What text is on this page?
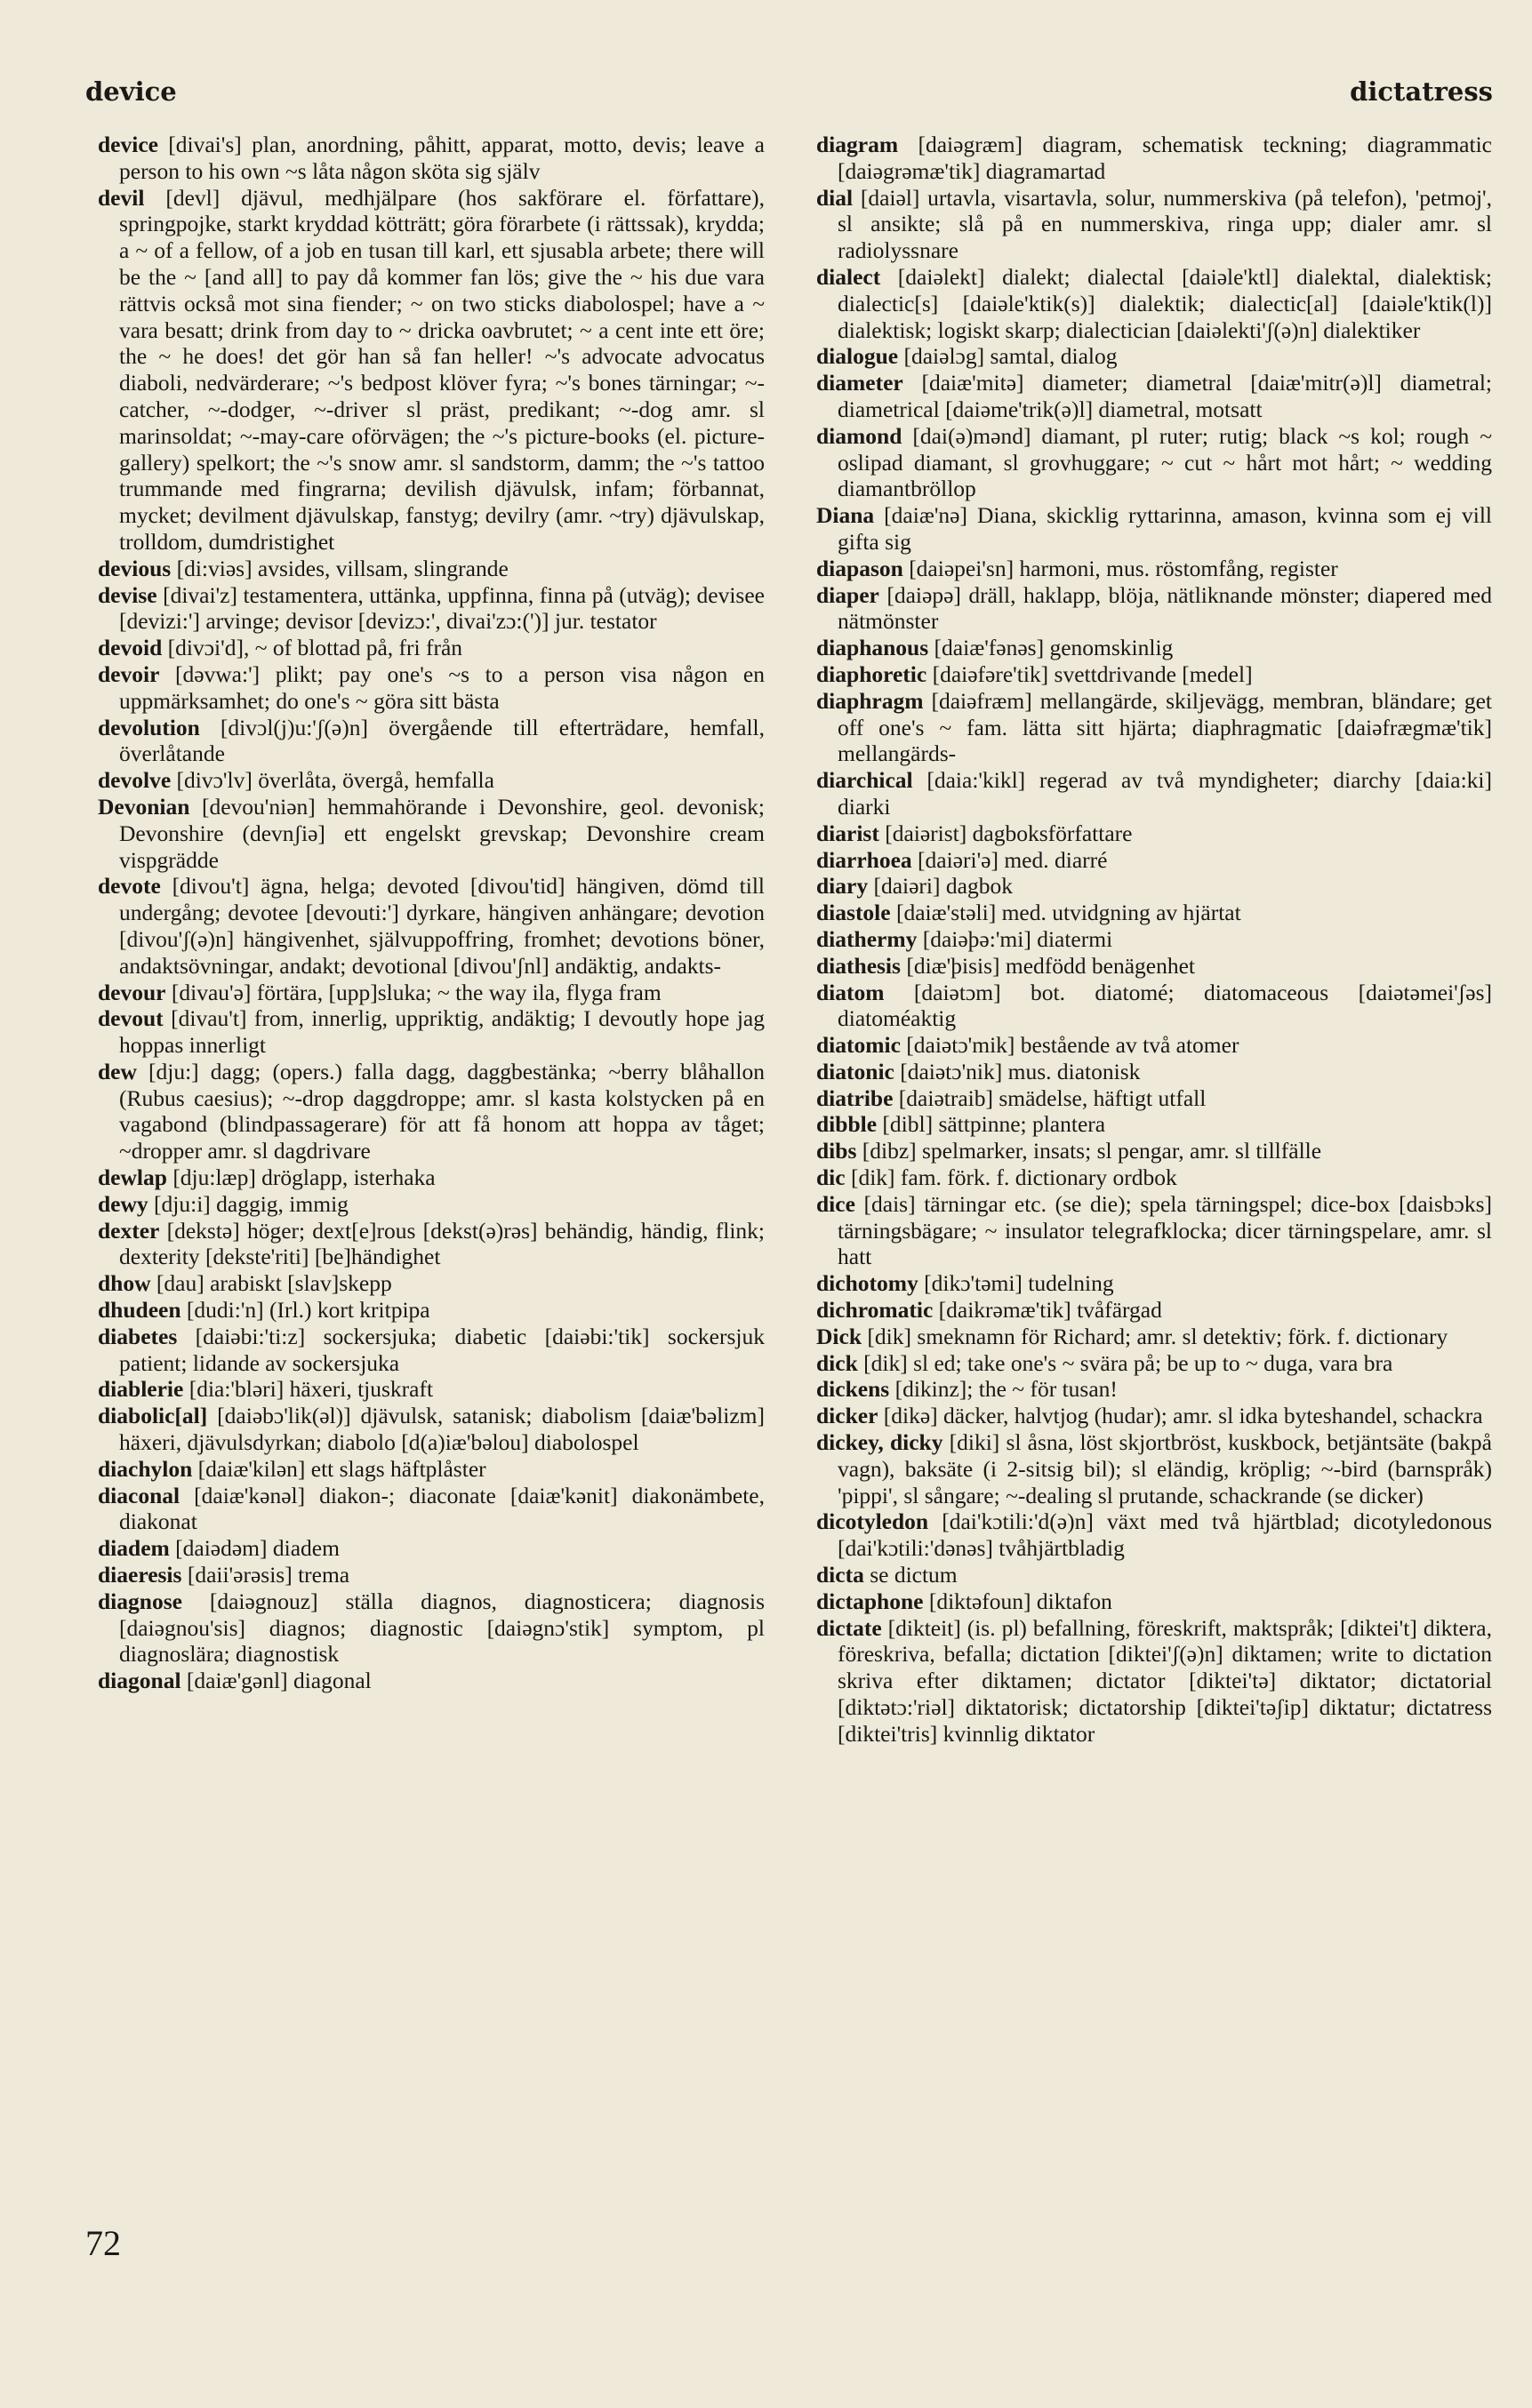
device	dictatress

device [divai's] plan, anordning, påhitt, apparat, motto, devis; leave a person to his own ~s låta någon sköta sig själv

devil [devl] djävul, medhjälpare (hos sakförare el. författare), springpojke, starkt kryddad kötträtt; göra förarbete (i rättssak), krydda; a ~ of a fellow, of a job en tusan till karl, ett sjusabla arbete; there will be the ~ [and all] to pay då kommer fan lös; give the ~ his due vara rättvis också mot sina fiender; ~ on two sticks diabolospel; have a ~ vara besatt; drink from day to ~ dricka oavbrutet; ~ a cent inte ett öre; the ~ he does! det gör han så fan heller! ~'s advocate advocatus diaboli, nedvärderare; ~'s bedpost klöver fyra; ~'s bones tärningar; ~-catcher, ~-dodger, ~-driver sl präst, predikant; ~-dog amr. sl marinsoldat; ~-may-care oförvägen; the ~'s picture-books (el. picture-gallery) spelkort; the ~'s snow amr. sl sandstorm, damm; the ~'s tattoo trummande med fingrarna; devilish djävulsk, infam; förbannat, mycket; devilment djävulskap, fanstyg; devilry (amr. ~try) djävulskap, trolldom, dumdristighet

devious [di:viəs] avsides, villsam, slingrande

devise [divai'z] testamentera, uttänka, uppfinna, finna på (utväg); devisee [devizi:'] arvinge; devisor [devizɔ:', divai'zɔ:(')] jur. testator

devoid [divɔi'd], ~ of blottad på, fri från

devoir [dəvwa:'] plikt; pay one's ~s to a person visa någon en uppmärksamhet; do one's ~ göra sitt bästa

devolution [divɔl(j)u:'ʃ(ə)n] övergående till efterträdare, hemfall, överlåtande

devolve [divɔ'lv] överlåta, övergå, hemfalla

Devonian [devou'niən] hemmahörande i Devonshire, geol. devonisk; Devonshire (devnʃiə] ett engelskt grevskap; Devonshire cream vispgrädde

devote [divou't] ägna, helga; devoted [divou'tid] hängiven, dömd till undergång; devotee [devouti:'] dyrkare, hängiven anhängare; devotion [divou'ʃ(ə)n] hängivenhet, självuppoffring, fromhet; devotions böner, andaktsövningar, andakt; devotional [divou'ʃnl] andäktig, andakts-

devour [divau'ə] förtära, [upp]sluka; ~ the way ila, flyga fram

devout [divau't] from, innerlig, uppriktig, andäktig; I devoutly hope jag hoppas innerligt

dew [dju:] dagg; (opers.) falla dagg, daggbestänka; ~berry blåhallon (Rubus caesius); ~-drop daggdroppe; amr. sl kasta kolstycken på en vagabond (blindpassagerare) för att få honom att hoppa av tåget; ~dropper amr. sl dagdrivare

dewlap [dju:læp] dröglapp, isterhaka

dewy [dju:i] daggig, immig

dexter [dekstə] höger; dext[e]rous [dekst(ə)rəs] behändig, händig, flink; dexterity [dekste'riti] [be]händighet

dhow [dau] arabiskt [slav]skepp

dhudeen [dudi:'n] (Irl.) kort kritpipa

diabetes [daiəbi:'ti:z] sockersjuka; diabetic [daiəbi:'tik] sockersjuk patient; lidande av sockersjuka

diablerie [dia:'bləri] häxeri, tjuskraft

diabolic[al] [daiəbɔ'lik(əl)] djävulsk, satanisk; diabolism [daiæ'bəlizm] häxeri, djävulsdyrkan; diabolo [d(a)iæ'bəlou] diabolospel

diachylon [daiæ'kilən] ett slags häftplåster

diaconal [daiæ'kənəl] diakon-; diaconate [daiæ'kənit] diakonämbete, diakonat

diadem [daiədəm] diadem

diaeresis [daii'ərəsis] trema

diagnose [daiəgnouz] ställa diagnos, diagnosticera; diagnosis [daiəgnou'sis] diagnos; diagnostic [daiəgnɔ'stik] symptom, pl diagnoslära; diagnostisk

diagonal [daiæ'gənl] diagonal

diagram [daiəgræm] diagram, schematisk teckning; diagrammatic [daiəgrəmæ'tik] diagramartad

dial [daiəl] urtavla, visartavla, solur, nummerskiva (på telefon), 'petmoj', sl ansikte; slå på en nummerskiva, ringa upp; dialer amr. sl radiolyssnare

dialect [daiəlekt] dialekt; dialectal [daiəle'ktl] dialektal, dialektisk; dialectic[s] [daiəle'ktik(s)] dialektik; dialectic[al] [daiəle'ktik(l)] dialektisk; logiskt skarp; dialectician [daiəlekti'ʃ(ə)n] dialektiker

dialogue [daiəlɔg] samtal, dialog

diameter [daiæ'mitə] diameter; diametral [daiæ'mitr(ə)l] diametral; diametrical [daiəme'trik(ə)l] diametral, motsatt

diamond [dai(ə)mənd] diamant, pl ruter; rutig; black ~s kol; rough ~ oslipad diamant, sl grovhuggare; ~ cut ~ hårt mot hårt; ~ wedding diamantbröllop

Diana [daiæ'nə] Diana, skicklig ryttarinna, amason, kvinna som ej vill gifta sig

diapason [daiəpei'sn] harmoni, mus. röstomfång, register

diaper [daiəpə] dräll, haklapp, blöja, nätliknande mönster; diapered med nätmönster

diaphanous [daiæ'fənəs] genomskinlig

diaphoretic [daiəfəre'tik] svettdrivande [medel]

diaphragm [daiəfræm] mellangärde, skiljevägg, membran, bländare; get off one's ~ fam. lätta sitt hjärta; diaphragmatic [daiəfrægmæ'tik] mellangärds-

diarchical [daia:'kikl] regerad av två myndigheter; diarchy [daia:ki] diarki

diarist [daiərist] dagboksförfattare

diarrhoea [daiəri'ə] med. diarré

diary [daiəri] dagbok

diastole [daiæ'stəli] med. utvidgning av hjärtat

diathermy [daiəþə:'mi] diatermi

diathesis [diæ'þisis] medfödd benägenhet

diatom [daiətɔm] bot. diatomé; diatomaceous [daiətəmei'ʃəs] diatoméaktig

diatomic [daiətɔ'mik] bestående av två atomer

diatonic [daiətɔ'nik] mus. diatonisk

diatribe [daiətraib] smädelse, häftigt utfall

dibble [dibl] sättpinne; plantera

dibs [dibz] spelmarker, insats; sl pengar, amr. sl tillfälle

dic [dik] fam. förk. f. dictionary ordbok

dice [dais] tärningar etc. (se die); spela tärningspel; dice-box [daisbɔks] tärningsbägare; ~ insulator telegrafklocka; dicer tärningspelare, amr. sl hatt

dichotomy [dikɔ'təmi] tudelning

dichromatic [daikrəmæ'tik] tvåfärgad

Dick [dik] smeknamn för Richard; amr. sl detektiv; förk. f. dictionary

dick [dik] sl ed; take one's ~ svära på; be up to ~ duga, vara bra

dickens [dikinz]; the ~ för tusan!

dicker [dikə] däcker, halvtjog (hudar); amr. sl idka byteshandel, schackra

dickey, dicky [diki] sl åsna, löst skjortbröst, kuskbock, betjäntsäte (bakpå vagn), baksäte (i 2-sitsig bil); sl eländig, kröplig; ~-bird (barnspråk) 'pippi', sl sångare; ~-dealing sl prutande, schackrande (se dicker)

dicotyledon [dai'kɔtili:'d(ə)n] växt med två hjärtblad; dicotyledonous [dai'kɔtili:'dənəs] tvåhjärtbladig

dicta se dictum

dictaphone [diktəfoun] diktafon

dictate [dikteit] (is. pl) befallning, föreskrift, maktspråk; [diktei't] diktera, föreskriva, befalla; dictation [diktei'ʃ(ə)n] diktamen; write to dictation skriva efter diktamen; dictator [diktei'tə] diktator; dictatorial [diktətɔ:'riəl] diktatorisk; dictatorship [diktei'təʃip] diktatur; dictatress [diktei'tris] kvinnlig diktator

72
